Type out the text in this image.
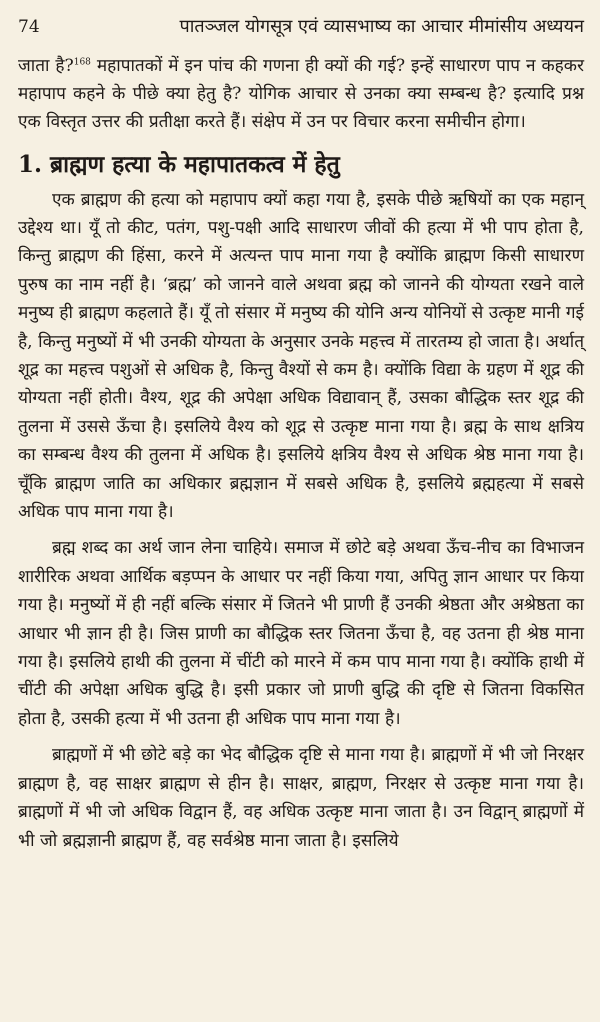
74	पातञ्जल योगसूत्र एवं व्यासभाष्य का आचार मीमांसीय अध्ययन

जाता है?$^{168}$ महापातकों में इन पांच की गणना ही क्यों की गई? इन्हें साधारण पाप न कहकर महापाप कहने के पीछे क्या हेतु है? योगिक आचार से उनका क्या सम्बन्ध है? इत्यादि प्रश्न एक विस्तृत उत्तर की प्रतीक्षा करते हैं। संक्षेप में उन पर विचार करना समीचीन होगा।

1. ब्राह्मण हत्या के महापातकत्व में हेतु

एक ब्राह्मण की हत्या को महापाप क्यों कहा गया है, इसके पीछे ऋषियों का एक महान् उद्देश्य था। यूँ तो कीट, पतंग, पशु-पक्षी आदि साधारण जीवों की हत्या में भी पाप होता है, किन्तु ब्राह्मण की हिंसा, करने में अत्यन्त पाप माना गया है क्योंकि ब्राह्मण किसी साधारण पुरुष का नाम नहीं है। ‘ब्रह्म’ को जानने वाले अथवा ब्रह्म को जानने की योग्यता रखने वाले मनुष्य ही ब्राह्मण कहलाते हैं। यूँ तो संसार में मनुष्य की योनि अन्य योनियों से उत्कृष्ट मानी गई है, किन्तु मनुष्यों में भी उनकी योग्यता के अनुसार उनके महत्त्व में तारतम्य हो जाता है। अर्थात् शूद्र का महत्त्व पशुओं से अधिक है, किन्तु वैश्यों से कम है। क्योंकि विद्या के ग्रहण में शूद्र की योग्यता नहीं होती। वैश्य, शूद्र की अपेक्षा अधिक विद्यावान् हैं, उसका बौद्धिक स्तर शूद्र की तुलना में उससे ऊँचा है। इसलिये वैश्य को शूद्र से उत्कृष्ट माना गया है। ब्रह्म के साथ क्षत्रिय का सम्बन्ध वैश्य की तुलना में अधिक है। इसलिये क्षत्रिय वैश्य से अधिक श्रेष्ठ माना गया है। चूँकि ब्राह्मण जाति का अधिकार ब्रह्मज्ञान में सबसे अधिक है, इसलिये ब्रह्महत्या में सबसे अधिक पाप माना गया है।

ब्रह्म शब्द का अर्थ जान लेना चाहिये। समाज में छोटे बड़े अथवा ऊँच-नीच का विभाजन शारीरिक अथवा आर्थिक बड़प्पन के आधार पर नहीं किया गया, अपितु ज्ञान आधार पर किया गया है। मनुष्यों में ही नहीं बल्कि संसार में जितने भी प्राणी हैं उनकी श्रेष्ठता और अश्रेष्ठता का आधार भी ज्ञान ही है। जिस प्राणी का बौद्धिक स्तर जितना ऊँचा है, वह उतना ही श्रेष्ठ माना गया है। इसलिये हाथी की तुलना में चींटी को मारने में कम पाप माना गया है। क्योंकि हाथी में चींटी की अपेक्षा अधिक बुद्धि है। इसी प्रकार जो प्राणी बुद्धि की दृष्टि से जितना विकसित होता है, उसकी हत्या में भी उतना ही अधिक पाप माना गया है।

ब्राह्मणों में भी छोटे बड़े का भेद बौद्धिक दृष्टि से माना गया है। ब्राह्मणों में भी जो निरक्षर ब्राह्मण है, वह साक्षर ब्राह्मण से हीन है। साक्षर, ब्राह्मण, निरक्षर से उत्कृष्ट माना गया है। ब्राह्मणों में भी जो अधिक विद्वान हैं, वह अधिक उत्कृष्ट माना जाता है। उन विद्वान् ब्राह्मणों में भी जो ब्रह्मज्ञानी ब्राह्मण हैं, वह सर्वश्रेष्ठ माना जाता है। इसलिये
